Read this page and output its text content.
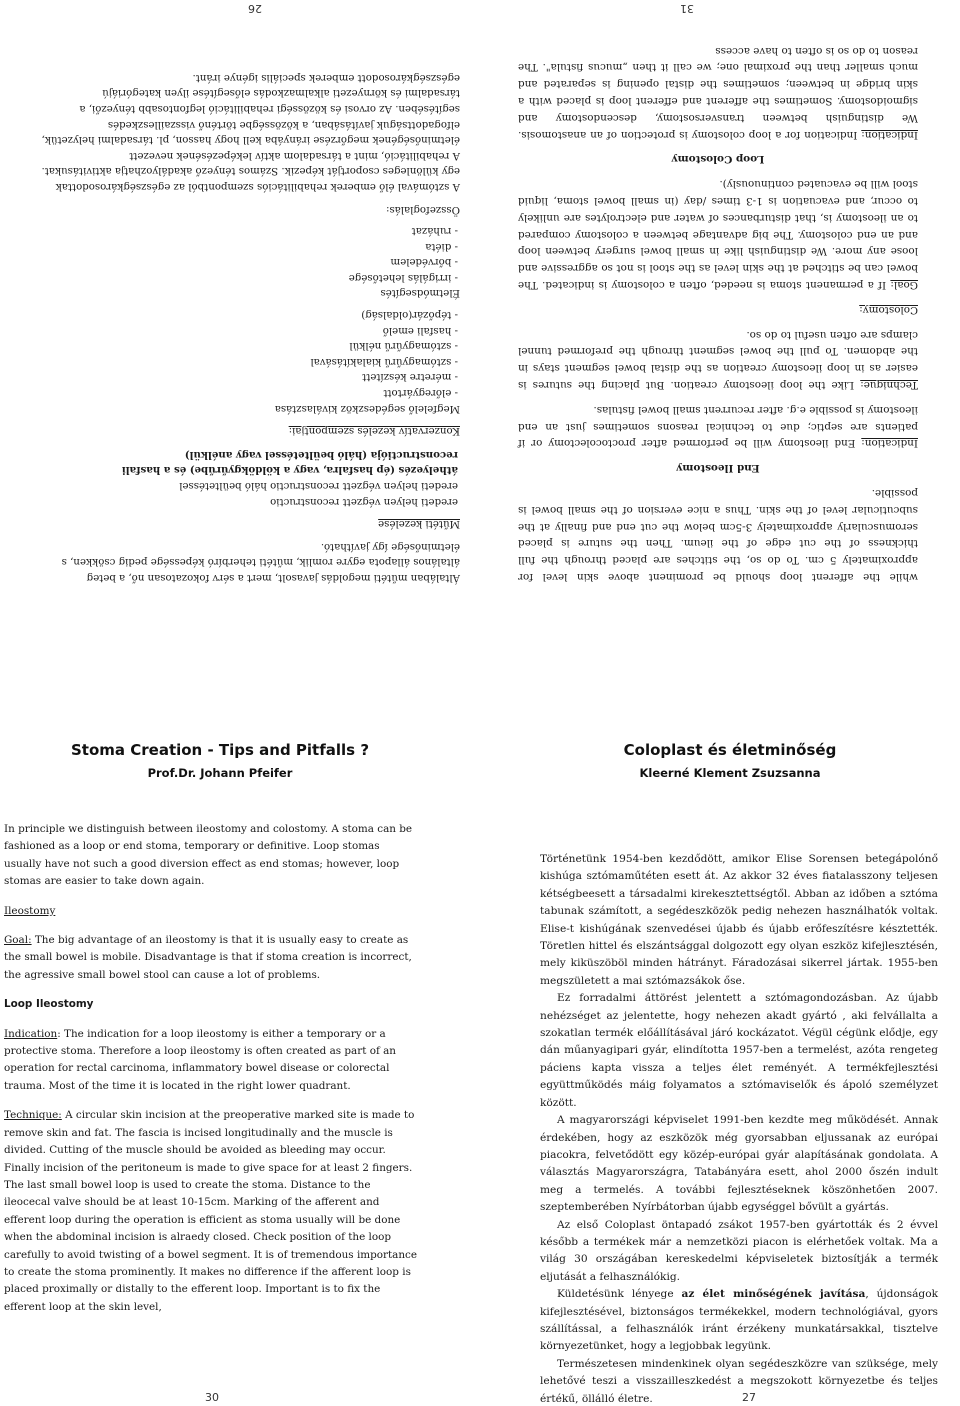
while the afferent loop should be prominent above skin level for approximately 5 cm. To do so, the stitches are placed through the full thickness of the cut edge of the ileum. Then the suture is placed seromuscularly approximately 3-5cm below the cut end and finally at the subcuticular level of the skin. Thus a nice eversion of the small bowel is possible.

End Ileostomy

Indication: End ileostomy will be performed after proctocolectomy or if patients are septic; due to technical reasons sometimes just an end ileostomy is possible e.g. after recurrent small bowel fistulas.

Technique: Like the loop ileostomy creation. But placing the sutures is easier as in loop ileostomy creation as the distal bowel segment stays in the abdomen. To pull the bowel segment through the preformed tunnel clamps are often useful to do so.

Colostomy:

Goal: If a permanent stoma is needed, often a colostomy is indicated. The bowel can be stitched at the skin level as the stool is not so aggressive and loose any more. We distinguish like in small bowel surgery between loop and an end colostomy. The big advantage between a colostomy compared to an ileostomy is, that disturbances of water and electrolytes are unlikely to occur, and evacuation is 1-3 times /day (in small bowel stoma, liquid stool will be evacuated continuously).

Loop Colostomy

Indication: Indication for a loop colostomy is protection of an anastomosis. We distinguish between transversostomy, descendostomy and sigmoidostomy. Sometimes the afferent and efferent loop is placed with a skin bridge in between; sometimes the distal opening is separated and much smaller than the proximal one; we call it then „mucus fistula". The reason to do so is often to have access

31

Általában műtéti megoldás javasolt, mert a sérv fokozatosan nő, a beteg általános állapota egyre romlik, műtéti teherbíró képessége pedig csökken, s életminősége így javítható.

Műtéti kezelése

eredeti helyen végzett reconstructio
eredeti helyen végzett reconstructio háló beültetéssel
áthelyezés (ép hasfalra, vagy a köldökgyűrűbe) és a hasfali reconstructiója (háló beültetéssel vagy anélkül)

Konzervatív kezelés szempontjai:

Megfelelő segédeszköz kiválasztása
- előregyártott
- méretre készített
- sztómagyűrű kialakításával
- sztómagyűrű nélkül
- hasfali emelő
- tépőzár(oldalság)
Életmódsegítés
- irrigálás lehetősége
- bőrvédelem
- diéta
- ruházat

Összefoglalás:

A sztómával élő emberek rehabilitációs szempontból az egészségkárosodottak egy különleges csoportját képezik. Számos tényező akadályozhatja aktivitásukat. A rehabilitáció, mint a társadalom aktív leképezésének nevezett életminőségének megőrzése irányába kell hogy hasson, pl. társadalmi helyzetük, elfogadottságuk javításában, a közösségbe történő visszailleszkedés segítésében. Az orvosi és közösségi rehabilitáció legfontosabb tényezői, a társadalmi és környezeti alkalmazkodás elősegítése ilyen kategóriájú egészségkárosodott emberek speciális igénye iránt.

26
Stoma Creation - Tips and Pitfalls ?
Prof.Dr. Johann Pfeifer

In principle we distinguish between ileostomy and colostomy. A stoma can be fashioned as a loop or end stoma, temporary or definitive. Loop stomas usually have not such a good diversion effect as end stomas; however, loop stomas are easier to take down again.

Ileostomy

Goal: The big advantage of an ileostomy is that it is usually easy to create as the small bowel is mobile. Disadvantage is that if stoma creation is incorrect, the agressive small bowel stool can cause a lot of problems.

Loop Ileostomy

Indication: The indication for a loop ileostomy is either a temporary or a protective stoma. Therefore a loop ileostomy is often created as part of an operation for rectal carcinoma, inflammatory bowel disease or colorectal trauma. Most of the time it is located in the right lower quadrant.

Technique: A circular skin incision at the preoperative marked site is made to remove skin and fat. The fascia is incised longitudinally and the muscle is divided. Cutting of the muscle should be avoided as bleeding may occur. Finally incision of the peritoneum is made to give space for at least 2 fingers. The last small bowel loop is used to create the stoma. Distance to the ileocecal valve should be at least 10-15cm. Marking of the afferent and efferent loop during the operation is efficient as stoma usually will be done when the abdominal incision is alraedy closed. Check position of the loop carefully to avoid twisting of a bowel segment. It is of tremendous importance to create the stoma prominently. It makes no difference if the afferent loop is placed proximally or distally to the efferent loop. Important is to fix the efferent loop at the skin level,

30
Coloplast és életminőség
Kleerné Klement Zsuzsanna

Történetünk 1954-ben kezdődött, amikor Elise Sorensen betegápolónő kishúga sztómaműtéten esett át. Az akkor 32 éves fiatalasszony teljesen kétségbeesett a társadalmi kirekesztettségtől. Abban az időben a sztóma tabunak számított, a segédeszközök pedig nehezen használhatók voltak. Elise-t kishúgának szenvedései újabb és újabb erőfeszítésre késztették. Töretlen hittel és elszántsággal dolgozott egy olyan eszköz kifejlesztésén, mely kiküszöböl minden hátrányt. Fáradozásai sikerrel jártak. 1955-ben megszületett a mai sztómazsákok őse.

Ez forradalmi áttörést jelentett a sztómagondozásban. Az újabb nehézséget az jelentette, hogy nehezen akadt gyártó , aki felvállalta a szokatlan termék előállításával járó kockázatot. Végül cégünk elődje, egy dán műanyagipari gyár, elindította 1957-ben a termelést, azóta rengeteg páciens kapta vissza a teljes élet reményét. A termékfejlesztési együttműködés máig folyamatos a sztómaviselők és ápoló személyzet között.

A magyarországi képviselet 1991-ben kezdte meg működését. Annak érdekében, hogy az eszközök még gyorsabban eljussanak az európai piacokra, felvetődött egy közép-európai gyár alapításának gondolata. A választás Magyarországra, Tatabányára esett, ahol 2000 őszén indult meg a termelés. A további fejlesztéseknek köszönhetően 2007. szeptemberében Nyírbátorban újabb egységgel bővült a gyártás.

Az első Coloplast öntapadó zsákot 1957-ben gyártották és 2 évvel később a termékek már a nemzetközi piacon is elérhetőek voltak. Ma a világ 30 országában kereskedelmi képviseletek biztosítják a termék eljutását a felhasználókig.

Küldetésünk lényege az élet minőségének javítása, újdonságok kifejlesztésével, biztonságos termékekkel, modern technológiával, gyors szállítással, a felhasználók iránt érzékeny munkatársakkal, tisztelve környezetünket, hogy a legjobbak legyünk.

Természetesen mindenkinek olyan segédeszközre van szüksége, mely lehetővé teszi a visszailleszkedést a megszokott környezetbe és teljes értékű, öllálló életre.	27
